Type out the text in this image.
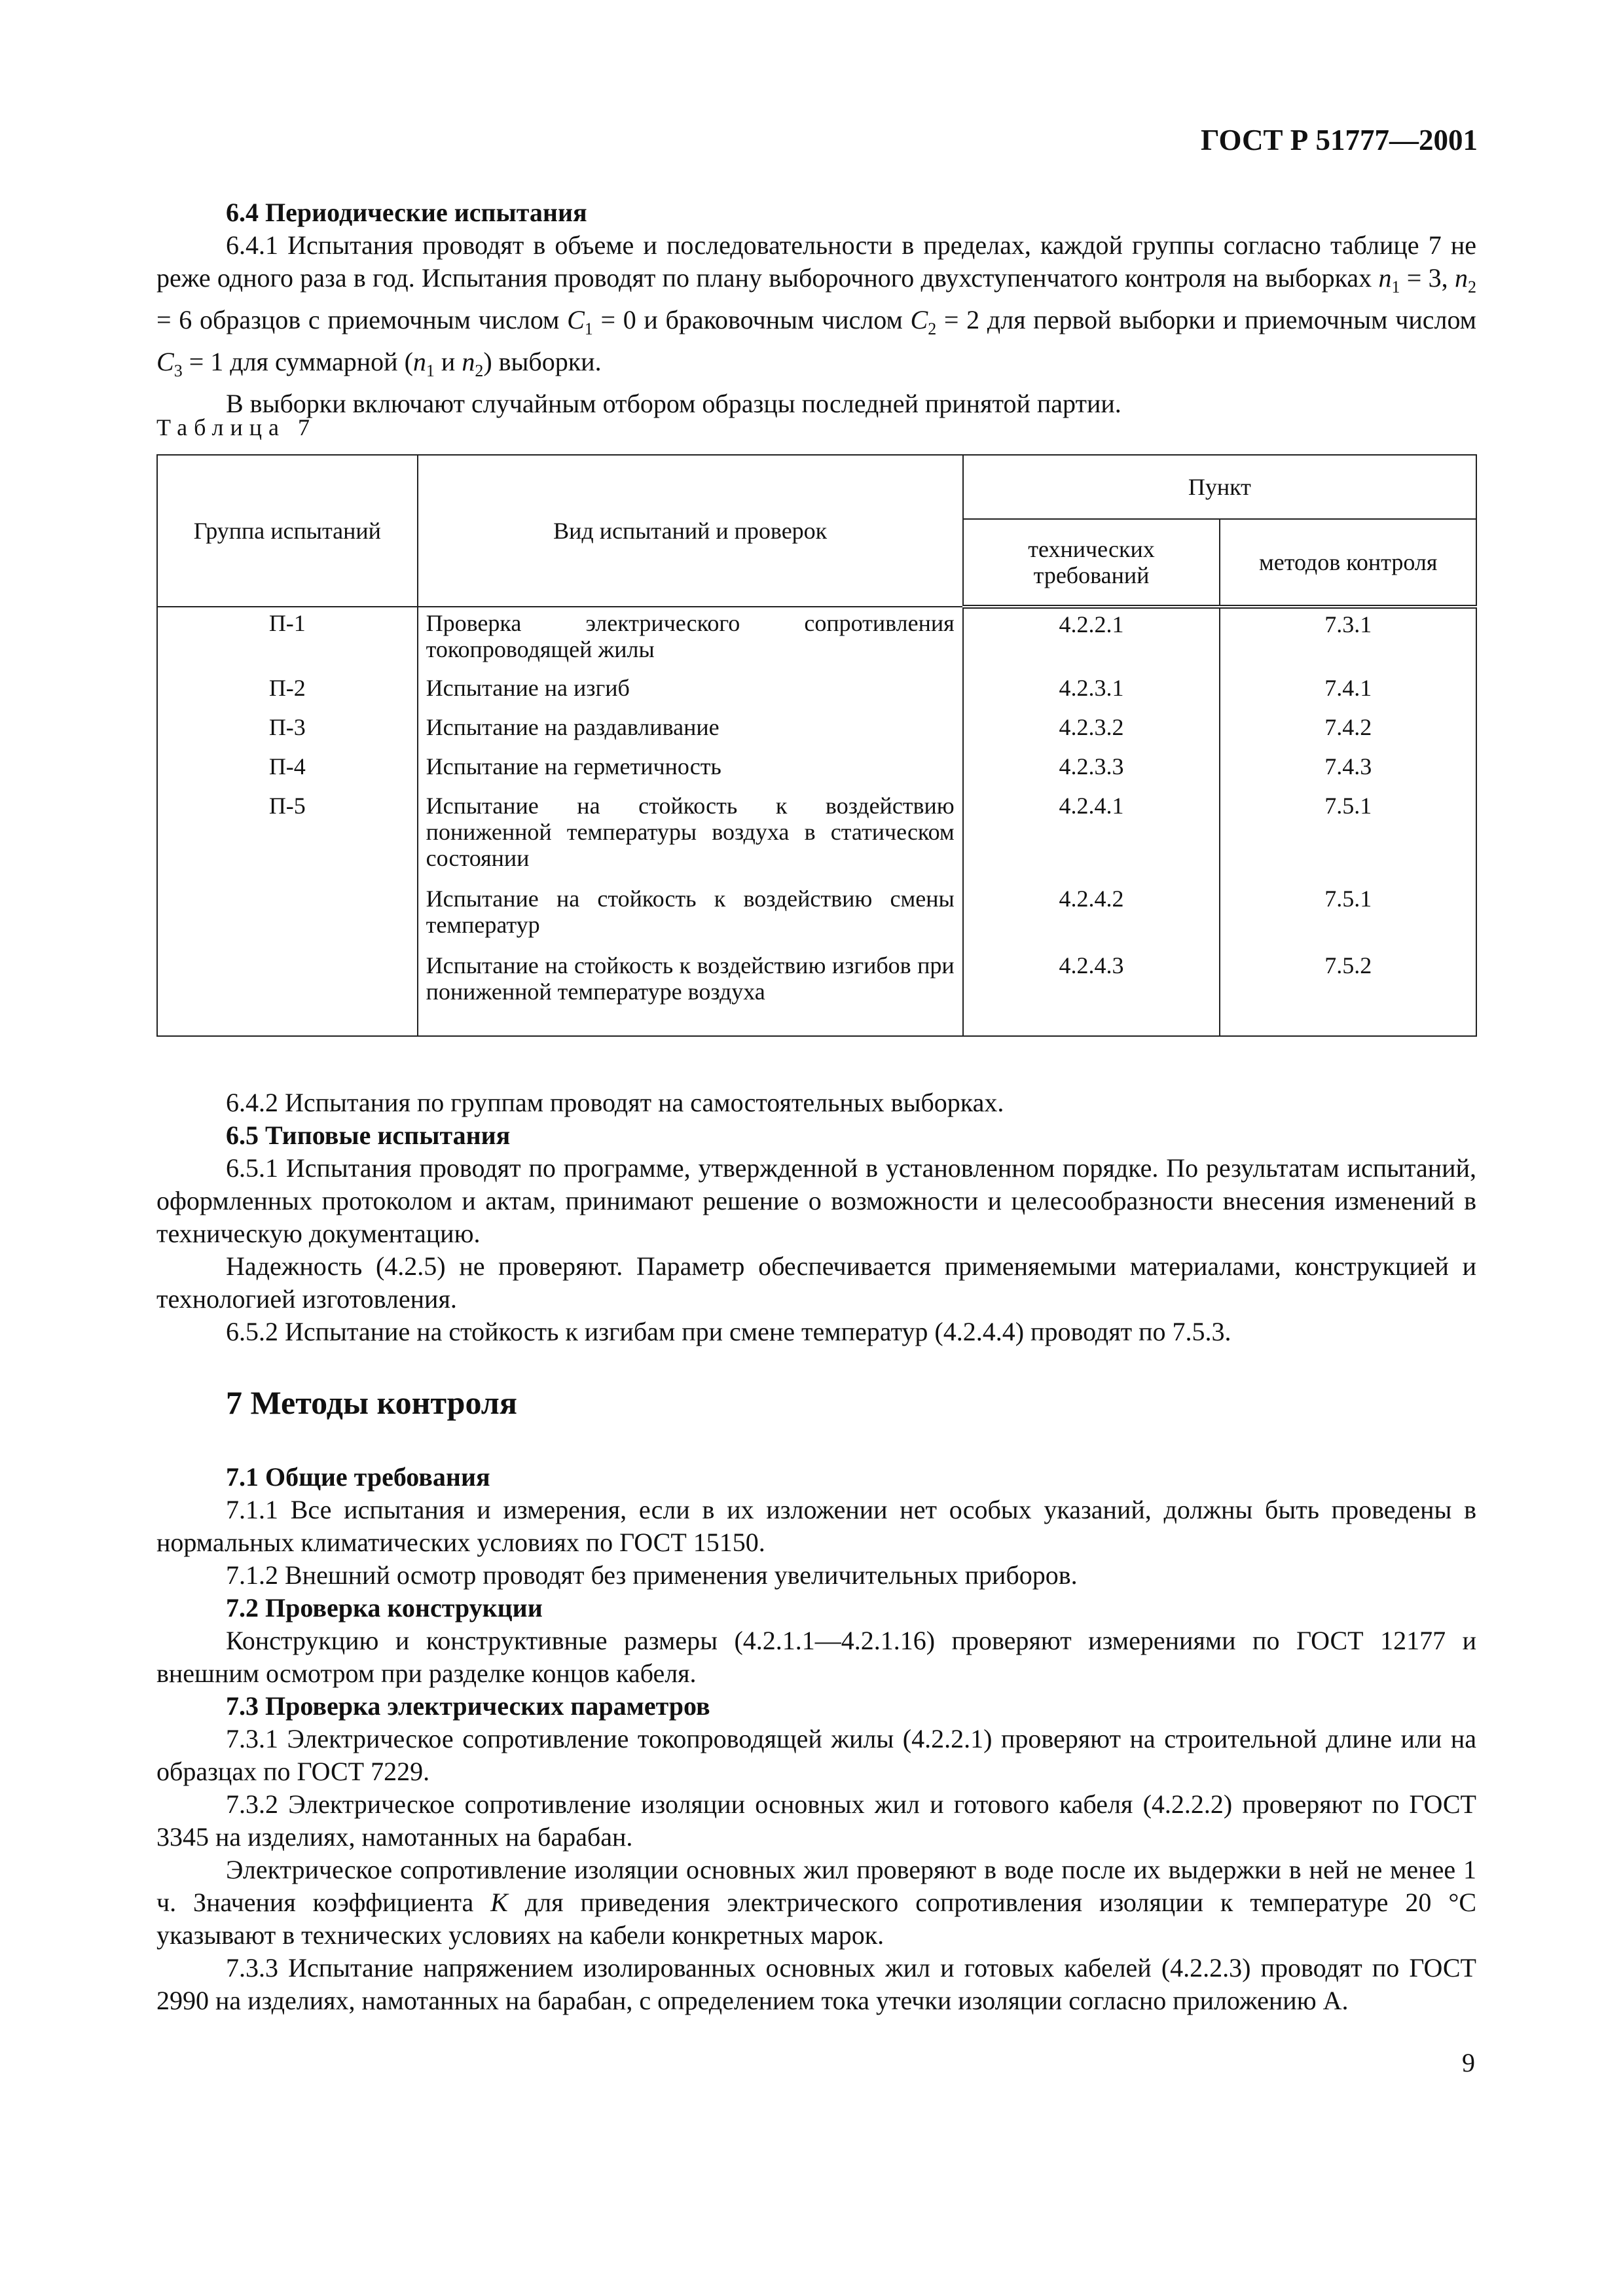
ГОСТ Р 51777—2001

6.4 Периодические испытания

6.4.1 Испытания проводят в объеме и последовательности в пределах, каждой группы согласно таблице 7 не реже одного раза в год. Испытания проводят по плану выборочного двухступенчатого контроля на выборках $n_1 = 3$, $n_2 = 6$ образцов с приемочным числом $C_1 = 0$ и браковочным числом $C_2 = 2$ для первой выборки и приемочным числом $C_3 = 1$ для суммарной ($n_1$ и $n_2$) выборки.

В выборки включают случайным отбором образцы последней принятой партии.

Таблица 7
Группа испытаний	Вид испытаний и проверок	Пункт	
		технических требований	методов контроля
П-1	Проверка электрического сопротивления токопроводящей жилы	4.2.2.1	7.3.1
П-2	Испытание на изгиб	4.2.3.1	7.4.1
П-3	Испытание на раздавливание	4.2.3.2	7.4.2
П-4	Испытание на герметичность	4.2.3.3	7.4.3
П-5	Испытание на стойкость к воздействию пониженной температуры воздуха в статическом состоянии	4.2.4.1	7.5.1
	Испытание на стойкость к воздействию смены температур	4.2.4.2	7.5.1
	Испытание на стойкость к воздействию изгибов при пониженной температуре воздуха	4.2.4.3	7.5.2

6.4.2 Испытания по группам проводят на самостоятельных выборках.

6.5 Типовые испытания

6.5.1 Испытания проводят по программе, утвержденной в установленном порядке. По результатам испытаний, оформленных протоколом и актам, принимают решение о возможности и целесообразности внесения изменений в техническую документацию.

Надежность (4.2.5) не проверяют. Параметр обеспечивается применяемыми материалами, конструкцией и технологией изготовления.

6.5.2 Испытание на стойкость к изгибам при смене температур (4.2.4.4) проводят по 7.5.3.

7 Методы контроля

7.1 Общие требования

7.1.1 Все испытания и измерения, если в их изложении нет особых указаний, должны быть проведены в нормальных климатических условиях по ГОСТ 15150.

7.1.2 Внешний осмотр проводят без применения увеличительных приборов.

7.2 Проверка конструкции

Конструкцию и конструктивные размеры (4.2.1.1—4.2.1.16) проверяют измерениями по ГОСТ 12177 и внешним осмотром при разделке концов кабеля.

7.3 Проверка электрических параметров

7.3.1 Электрическое сопротивление токопроводящей жилы (4.2.2.1) проверяют на строительной длине или на образцах по ГОСТ 7229.

7.3.2 Электрическое сопротивление изоляции основных жил и готового кабеля (4.2.2.2) проверяют по ГОСТ 3345 на изделиях, намотанных на барабан.

Электрическое сопротивление изоляции основных жил проверяют в воде после их выдержки в ней не менее 1 ч. Значения коэффициента K для приведения электрического сопротивления изоляции к температуре 20 °С указывают в технических условиях на кабели конкретных марок.

7.3.3 Испытание напряжением изолированных основных жил и готовых кабелей (4.2.2.3) проводят по ГОСТ 2990 на изделиях, намотанных на барабан, с определением тока утечки изоляции согласно приложению А.

9
